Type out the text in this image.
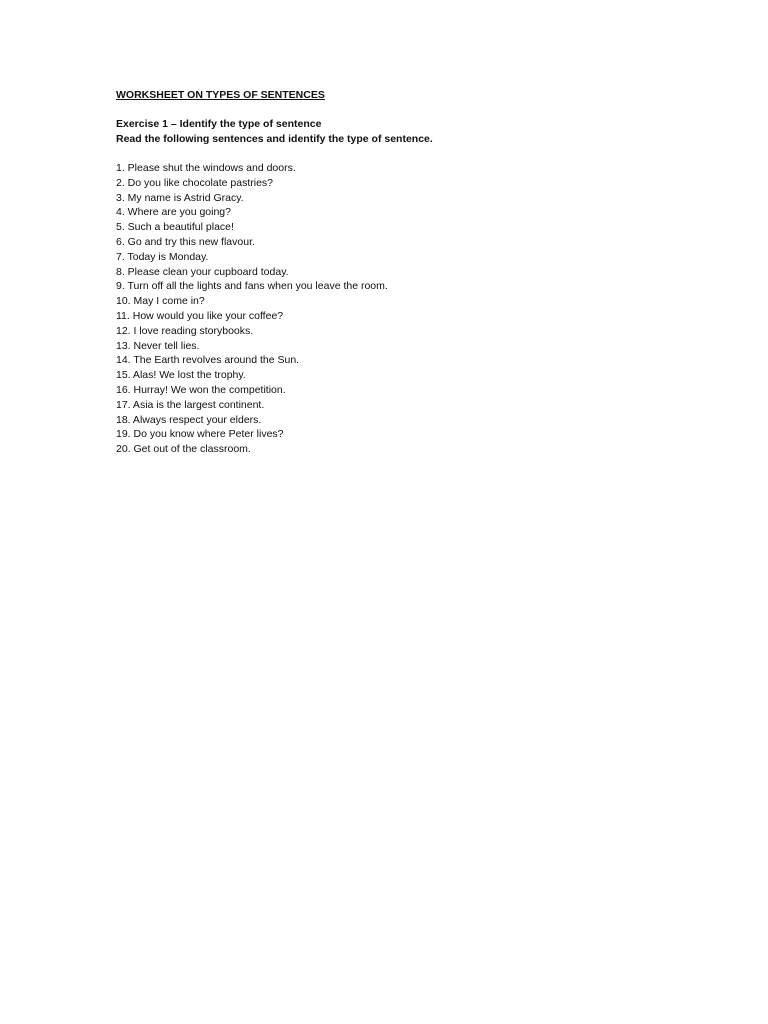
WORKSHEET ON TYPES OF SENTENCES
Exercise 1 – Identify the type of sentence
Read the following sentences and identify the type of sentence.
1. Please shut the windows and doors.
2. Do you like chocolate pastries?
3. My name is Astrid Gracy.
4. Where are you going?
5. Such a beautiful place!
6. Go and try this new flavour.
7. Today is Monday.
8. Please clean your cupboard today.
9. Turn off all the lights and fans when you leave the room.
10. May I come in?
11. How would you like your coffee?
12. I love reading storybooks.
13. Never tell lies.
14. The Earth revolves around the Sun.
15. Alas! We lost the trophy.
16. Hurray! We won the competition.
17. Asia is the largest continent.
18. Always respect your elders.
19. Do you know where Peter lives?
20. Get out of the classroom.
